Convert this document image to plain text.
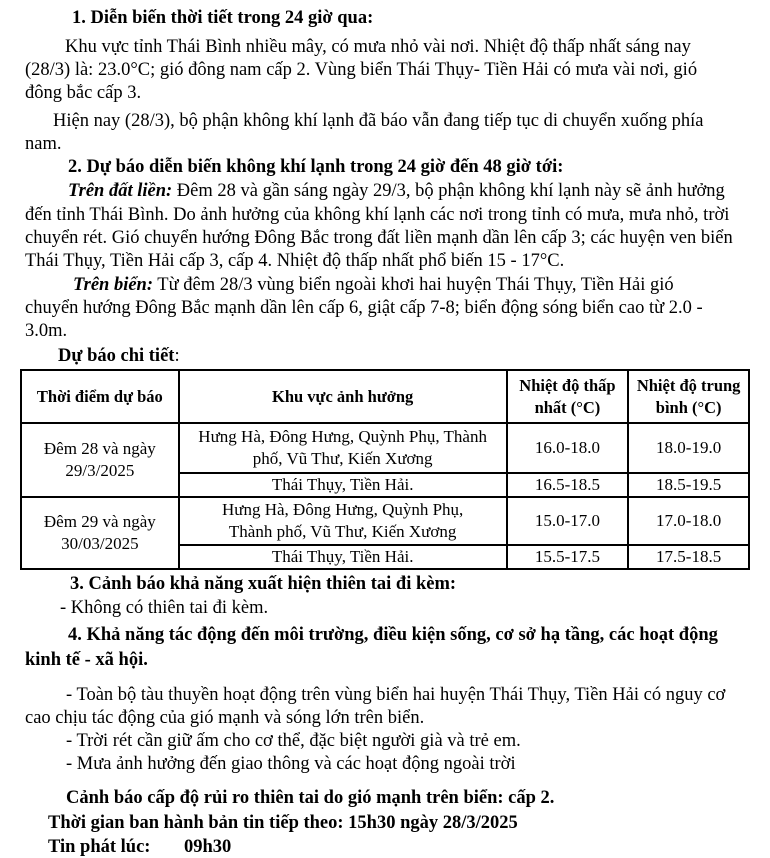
1. Diễn biến thời tiết trong 24 giờ qua:
Khu vực tỉnh Thái Bình nhiều mây, có mưa nhỏ vài nơi. Nhiệt độ thấp nhất sáng nay
(28/3) là: 23.0°C; gió đông nam cấp 2. Vùng biển Thái Thụy- Tiền Hải có mưa vài nơi, gió
đông bắc cấp 3.
Hiện nay (28/3), bộ phận không khí lạnh đã báo vẫn đang tiếp tục di chuyển xuống phía
nam.
2. Dự báo diễn biến không khí lạnh trong 24 giờ đến 48 giờ tới:
Trên đất liền: Đêm 28 và gần sáng ngày 29/3, bộ phận không khí lạnh này sẽ ảnh hưởng
đến tỉnh Thái Bình. Do ảnh hưởng của không khí lạnh các nơi trong tỉnh có mưa, mưa nhỏ, trời
chuyển rét. Gió chuyển hướng Đông Bắc trong đất liền mạnh dần lên cấp 3; các huyện ven biển
Thái Thụy, Tiền Hải cấp 3, cấp 4. Nhiệt độ thấp nhất phổ biến 15 - 17°C.
Trên biển: Từ đêm 28/3 vùng biển ngoài khơi hai huyện Thái Thụy, Tiền Hải gió
chuyển hướng Đông Bắc mạnh dần lên cấp 6, giật cấp 7-8; biển động sóng biển cao từ 2.0 -
3.0m.
Dự báo chi tiết:
Thời điểm dự báo	Khu vực ảnh hưởng	Nhiệt độ thấp
nhất (°C)	Nhiệt độ trung
bình (°C)
Đêm 28 và ngày
29/3/2025	Hưng Hà, Đông Hưng, Quỳnh Phụ, Thành
phố, Vũ Thư, Kiến Xương	16.0-18.0	18.0-19.0
	Thái Thụy, Tiền Hải.	16.5-18.5	18.5-19.5
Đêm 29 và ngày
30/03/2025	Hưng Hà, Đông Hưng, Quỳnh Phụ,
Thành phố, Vũ Thư, Kiến Xương	15.0-17.0	17.0-18.0
	Thái Thụy, Tiền Hải.	15.5-17.5	17.5-18.5
3. Cảnh báo khả năng xuất hiện thiên tai đi kèm:
- Không có thiên tai đi kèm.
4. Khả năng tác động đến môi trường, điều kiện sống, cơ sở hạ tầng, các hoạt động
kinh tế - xã hội.
- Toàn bộ tàu thuyền hoạt động trên vùng biển hai huyện Thái Thụy, Tiền Hải có nguy cơ
cao chịu tác động của gió mạnh và sóng lớn trên biển.
- Trời rét cần giữ ấm cho cơ thể, đặc biệt người già và trẻ em.
- Mưa ảnh hưởng đến giao thông và các hoạt động ngoài trời
Cảnh báo cấp độ rủi ro thiên tai do gió mạnh trên biển: cấp 2.
Thời gian ban hành bản tin tiếp theo: 15h30 ngày 28/3/2025
Tin phát lúc: 09h30
